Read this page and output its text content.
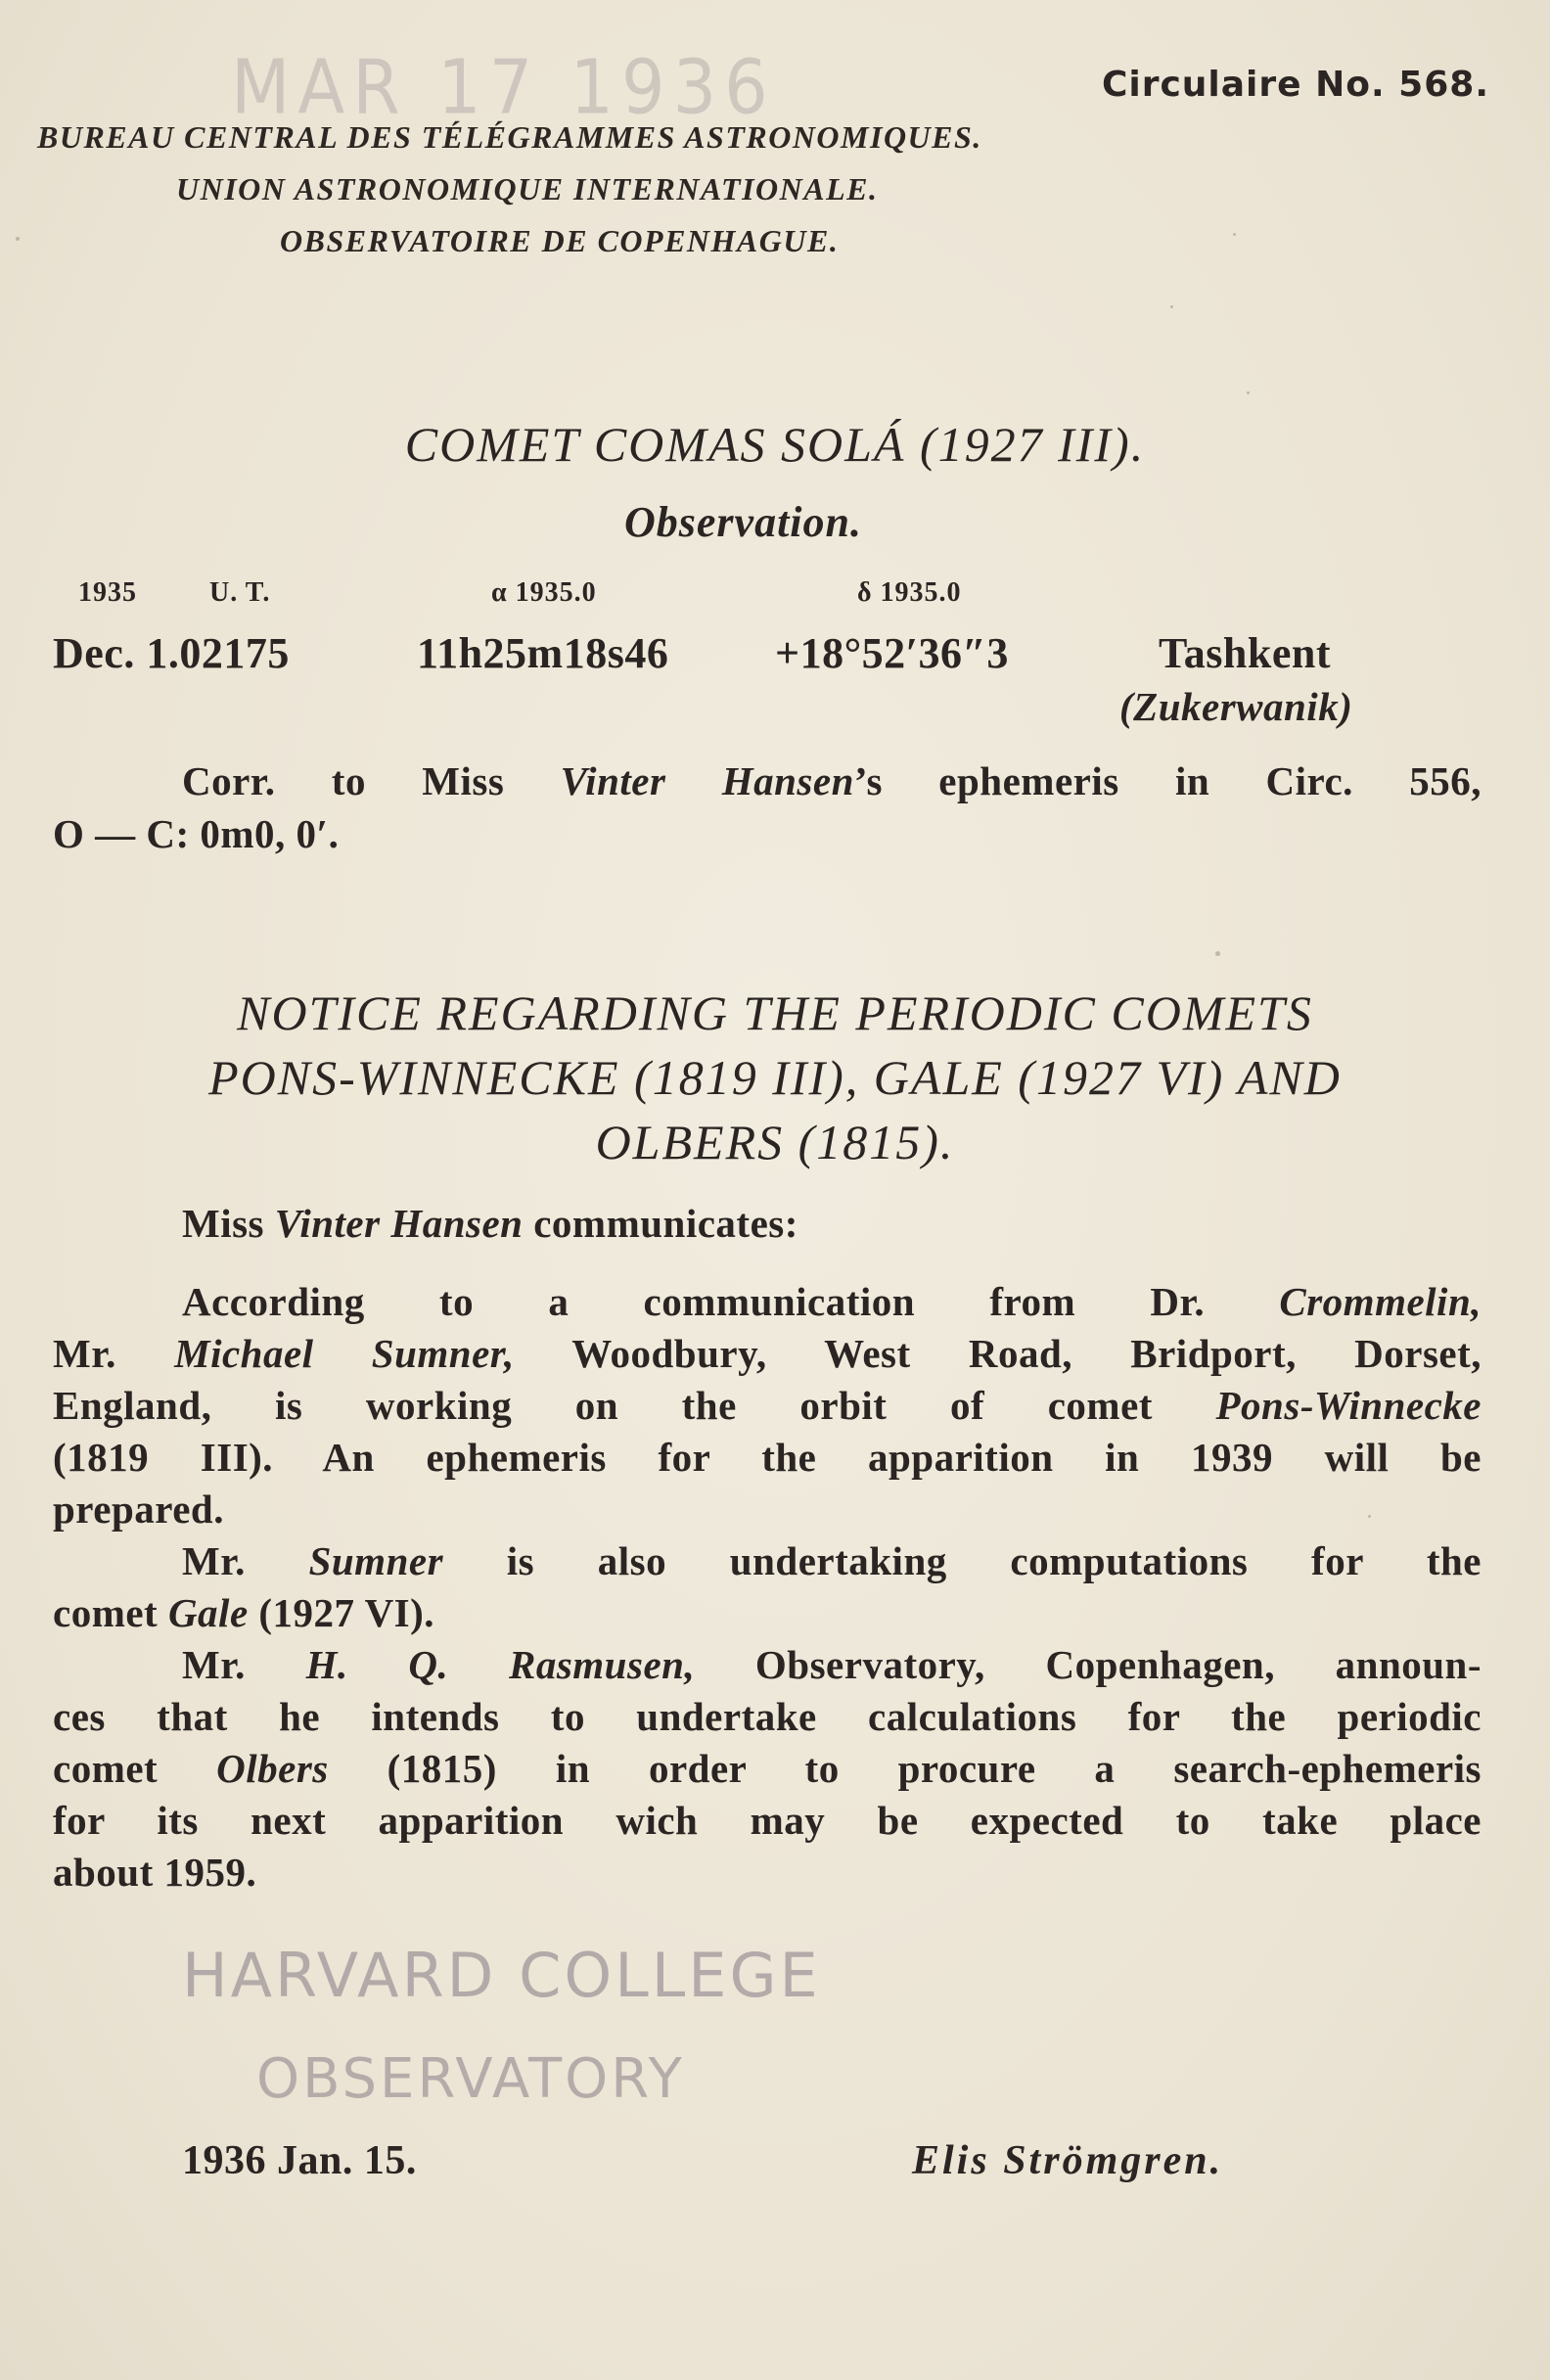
MAR 17 1936	Circulaire No. 568.
BUREAU CENTRAL DES TÉLÉGRAMMES ASTRONOMIQUES.
UNION ASTRONOMIQUE INTERNATIONALE.
OBSERVATOIRE DE COPENHAGUE.
COMET COMAS SOLÁ (1927 III).
Observation.
1935	U. T.	α 1935.0	δ 1935.0
Dec. 1.02175	11h25m18s46 +18°52′36″3	Tashkent
(Zukerwanik)
Corr. to Miss Vinter Hansen’s ephemeris in Circ. 556,
O — C: 0m0, 0′.
NOTICE REGARDING THE PERIODIC COMETS
PONS-WINNECKE (1819 III), GALE (1927 VI) AND
OLBERS (1815).
Miss Vinter Hansen communicates:
According to a communication from Dr. Crommelin,
Mr. Michael Sumner, Woodbury, West Road, Bridport, Dorset,
England, is working on the orbit of comet Pons-Winnecke
(1819 III). An ephemeris for the apparition in 1939 will be
prepared.
Mr. Sumner is also undertaking computations for the
comet Gale (1927 VI).
Mr. H. Q. Rasmusen, Observatory, Copenhagen, announ-
ces that he intends to undertake calculations for the periodic
comet Olbers (1815) in order to procure a search-ephemeris
for its next apparition wich may be expected to take place
about 1959.
HARVARD COLLEGE
OBSERVATORY
1936 Jan. 15.	Elis Strömgren.
